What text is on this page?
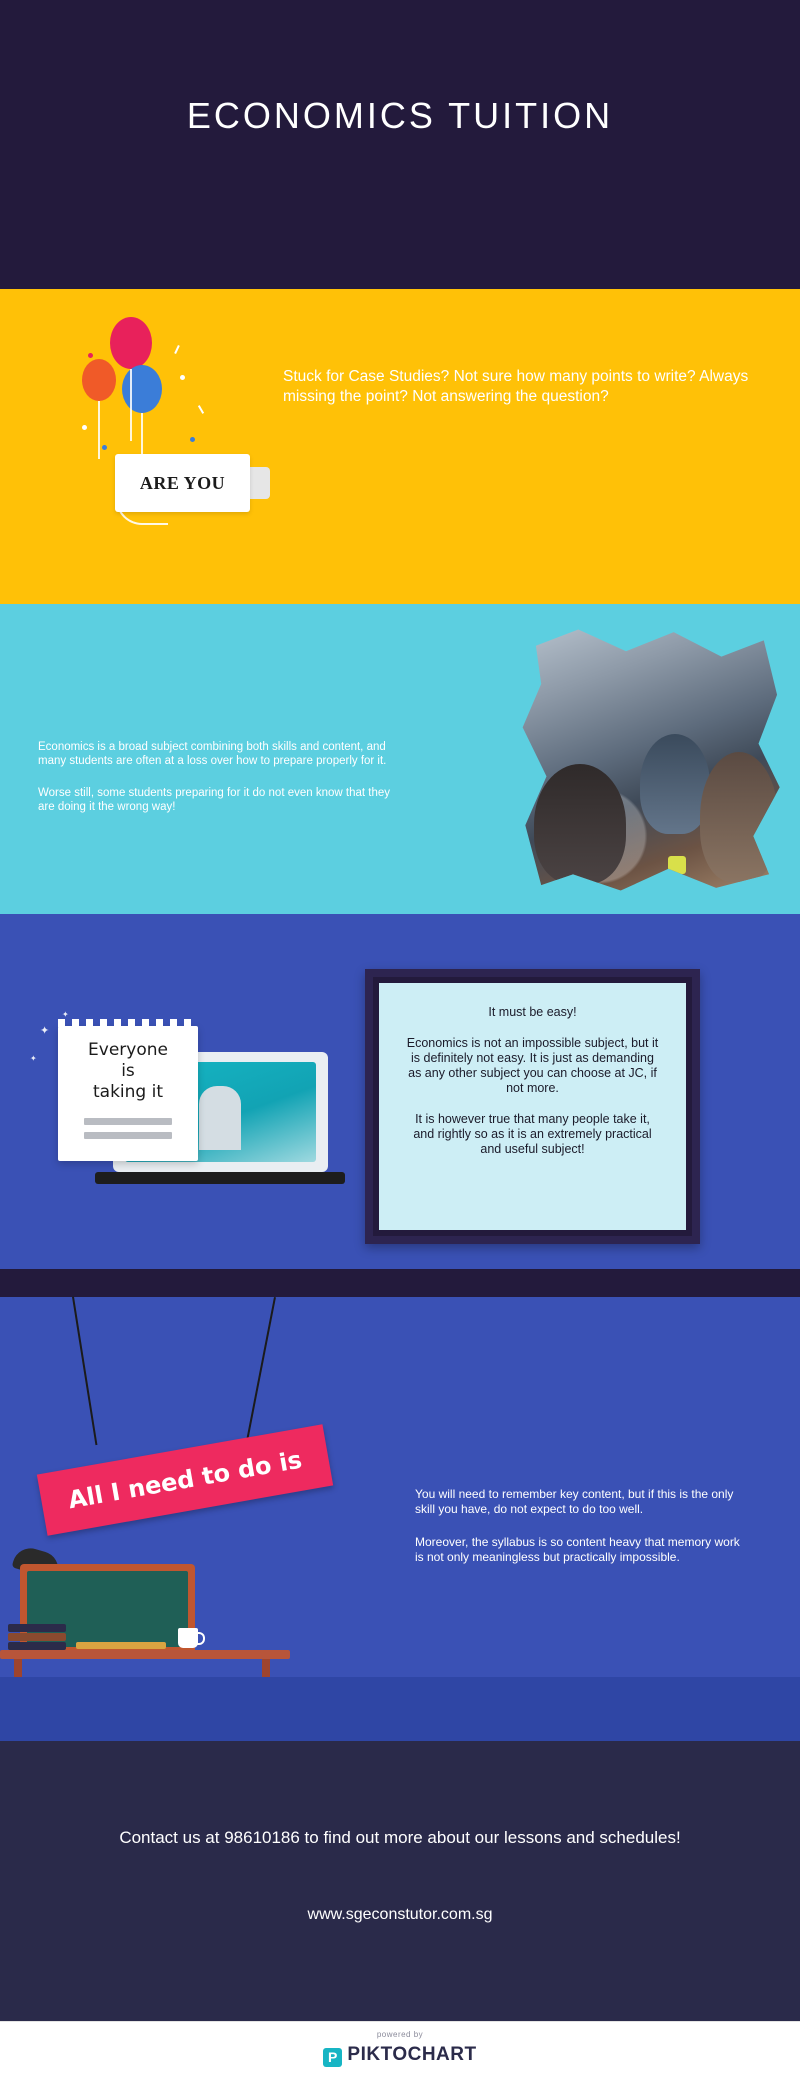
ECONOMICS TUITION
ARE YOU
Stuck for Case Studies? Not sure how many points to write? Always missing the point? Not answering the question?

Economics is a broad subject combining both skills and content, and many students are often at a loss over how to prepare properly for it.

Worse still, some students preparing for it do not even know that they are doing it the wrong way!

✦
✦
✦	Everyone
is
taking it

It must be easy!

Economics is not an impossible subject, but it is definitely not easy. It is just as demanding as any other subject you can choose at JC, if not more.

It is however true that many people take it, and rightly so as it is an extremely practical and useful subject!

All I need to do is	You will need to remember key content, but if this is the only skill you have, do not expect to do too well.

Moreover, the syllabus is so content heavy that memory work is not only meaningless but practically impossible.

Contact us at 98610186 to find out more about our lessons and schedules!
www.sgeconstutor.com.sg
powered by
P PIKTOCHART
